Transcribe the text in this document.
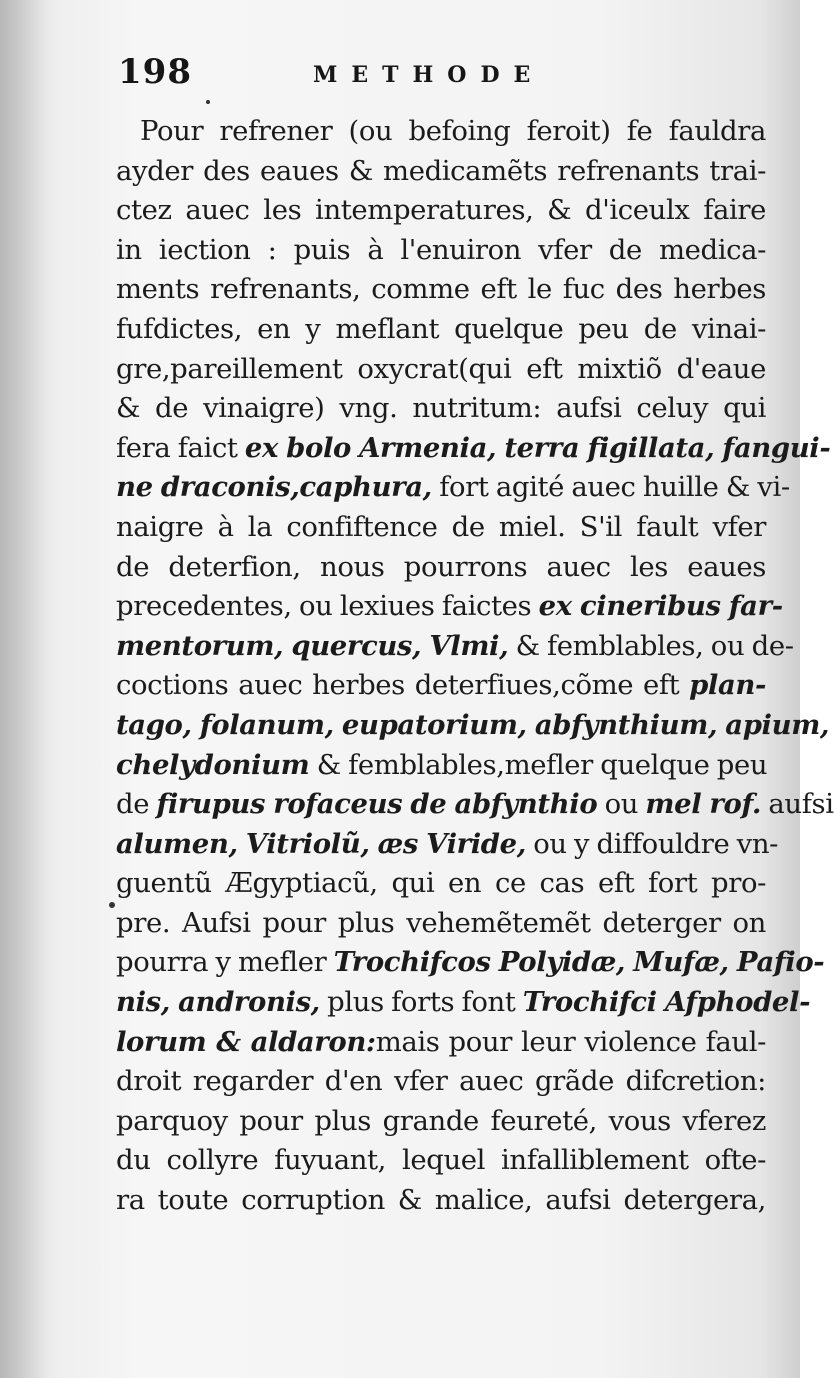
198	METHODE
Pour refrener (ou befoing feroit) fe fauldra
ayder des eaues & medicamẽts refrenants trai-
ctez auec les intemperatures, & d'iceulx faire
in iection : puis à l'enuiron vfer de medica-
ments refrenants, comme eft le fuc des herbes
fufdictes, en y meflant quelque peu de vinai-
gre,pareillement oxycrat(qui eft mixtiõ d'eaue
& de vinaigre) vng. nutritum: aufsi celuy qui
fera faict ex bolo Armenia, terra figillata, fangui-
ne draconis,caphura, fort agité auec huille & vi-
naigre à la confiftence de miel. S'il fault vfer
de deterfion, nous pourrons auec les eaues
precedentes, ou lexiues faictes ex cineribus far-
mentorum, quercus, Vlmi, & femblables, ou de-
coctions auec herbes deterfiues,cõme eft plan-
tago, folanum, eupatorium, abfynthium, apium,
chelydonium & femblables,mefler quelque peu
de firupus rofaceus de abfynthio ou mel rof. aufsi
alumen, Vitriolũ, æs Viride, ou y diffouldre vn-
guentũ Ægyptiacũ, qui en ce cas eft fort pro-
pre. Aufsi pour plus vehemẽtemẽt deterger on
pourra y mefler Trochifcos Polyidæ, Mufæ, Pafio-
nis, andronis, plus forts font Trochifci Afphodel-
lorum & aldaron:mais pour leur violence faul-
droit regarder d'en vfer auec grãde difcretion:
parquoy pour plus grande feureté, vous vferez
du collyre fuyuant, lequel infalliblement ofte-
ra toute corruption & malice, aufsi detergera,
